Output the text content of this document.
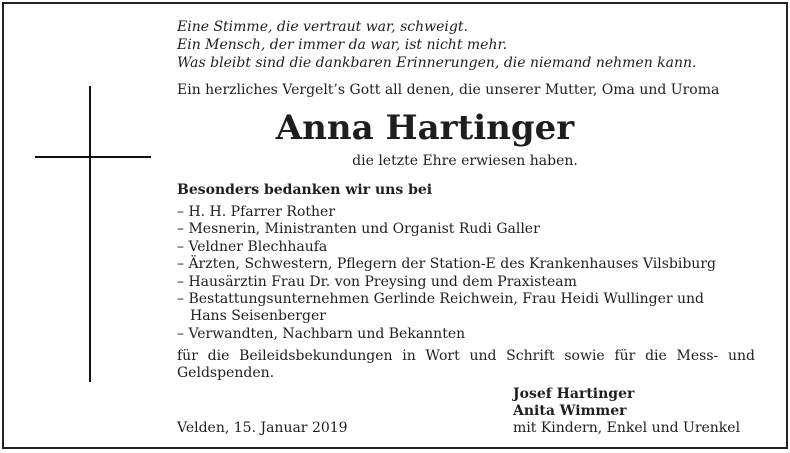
Eine Stimme, die vertraut war, schweigt.
Ein Mensch, der immer da war, ist nicht mehr.
Was bleibt sind die dankbaren Erinnerungen, die niemand nehmen kann.
Ein herzliches Vergelt’s Gott all denen, die unserer Mutter, Oma und Uroma
Anna Hartinger
die letzte Ehre erwiesen haben.
Besonders bedanken wir uns bei
– H. H. Pfarrer Rother
– Mesnerin, Ministranten und Organist Rudi Galler
– Veldner Blechhaufa
– Ärzten, Schwestern, Pflegern der Station-E des Krankenhauses Vilsbiburg
– Hausärztin Frau Dr. von Preysing und dem Praxisteam
– Bestattungsunternehmen Gerlinde Reichwein, Frau Heidi Wullinger und
Hans Seisenberger
– Verwandten, Nachbarn und Bekannten
für die Beileidsbekundungen in Wort und Schrift sowie für die Mess- und Geldspenden.
Josef Hartinger
Anita Wimmer
mit Kindern, Enkel und Urenkel
Velden, 15. Januar 2019
